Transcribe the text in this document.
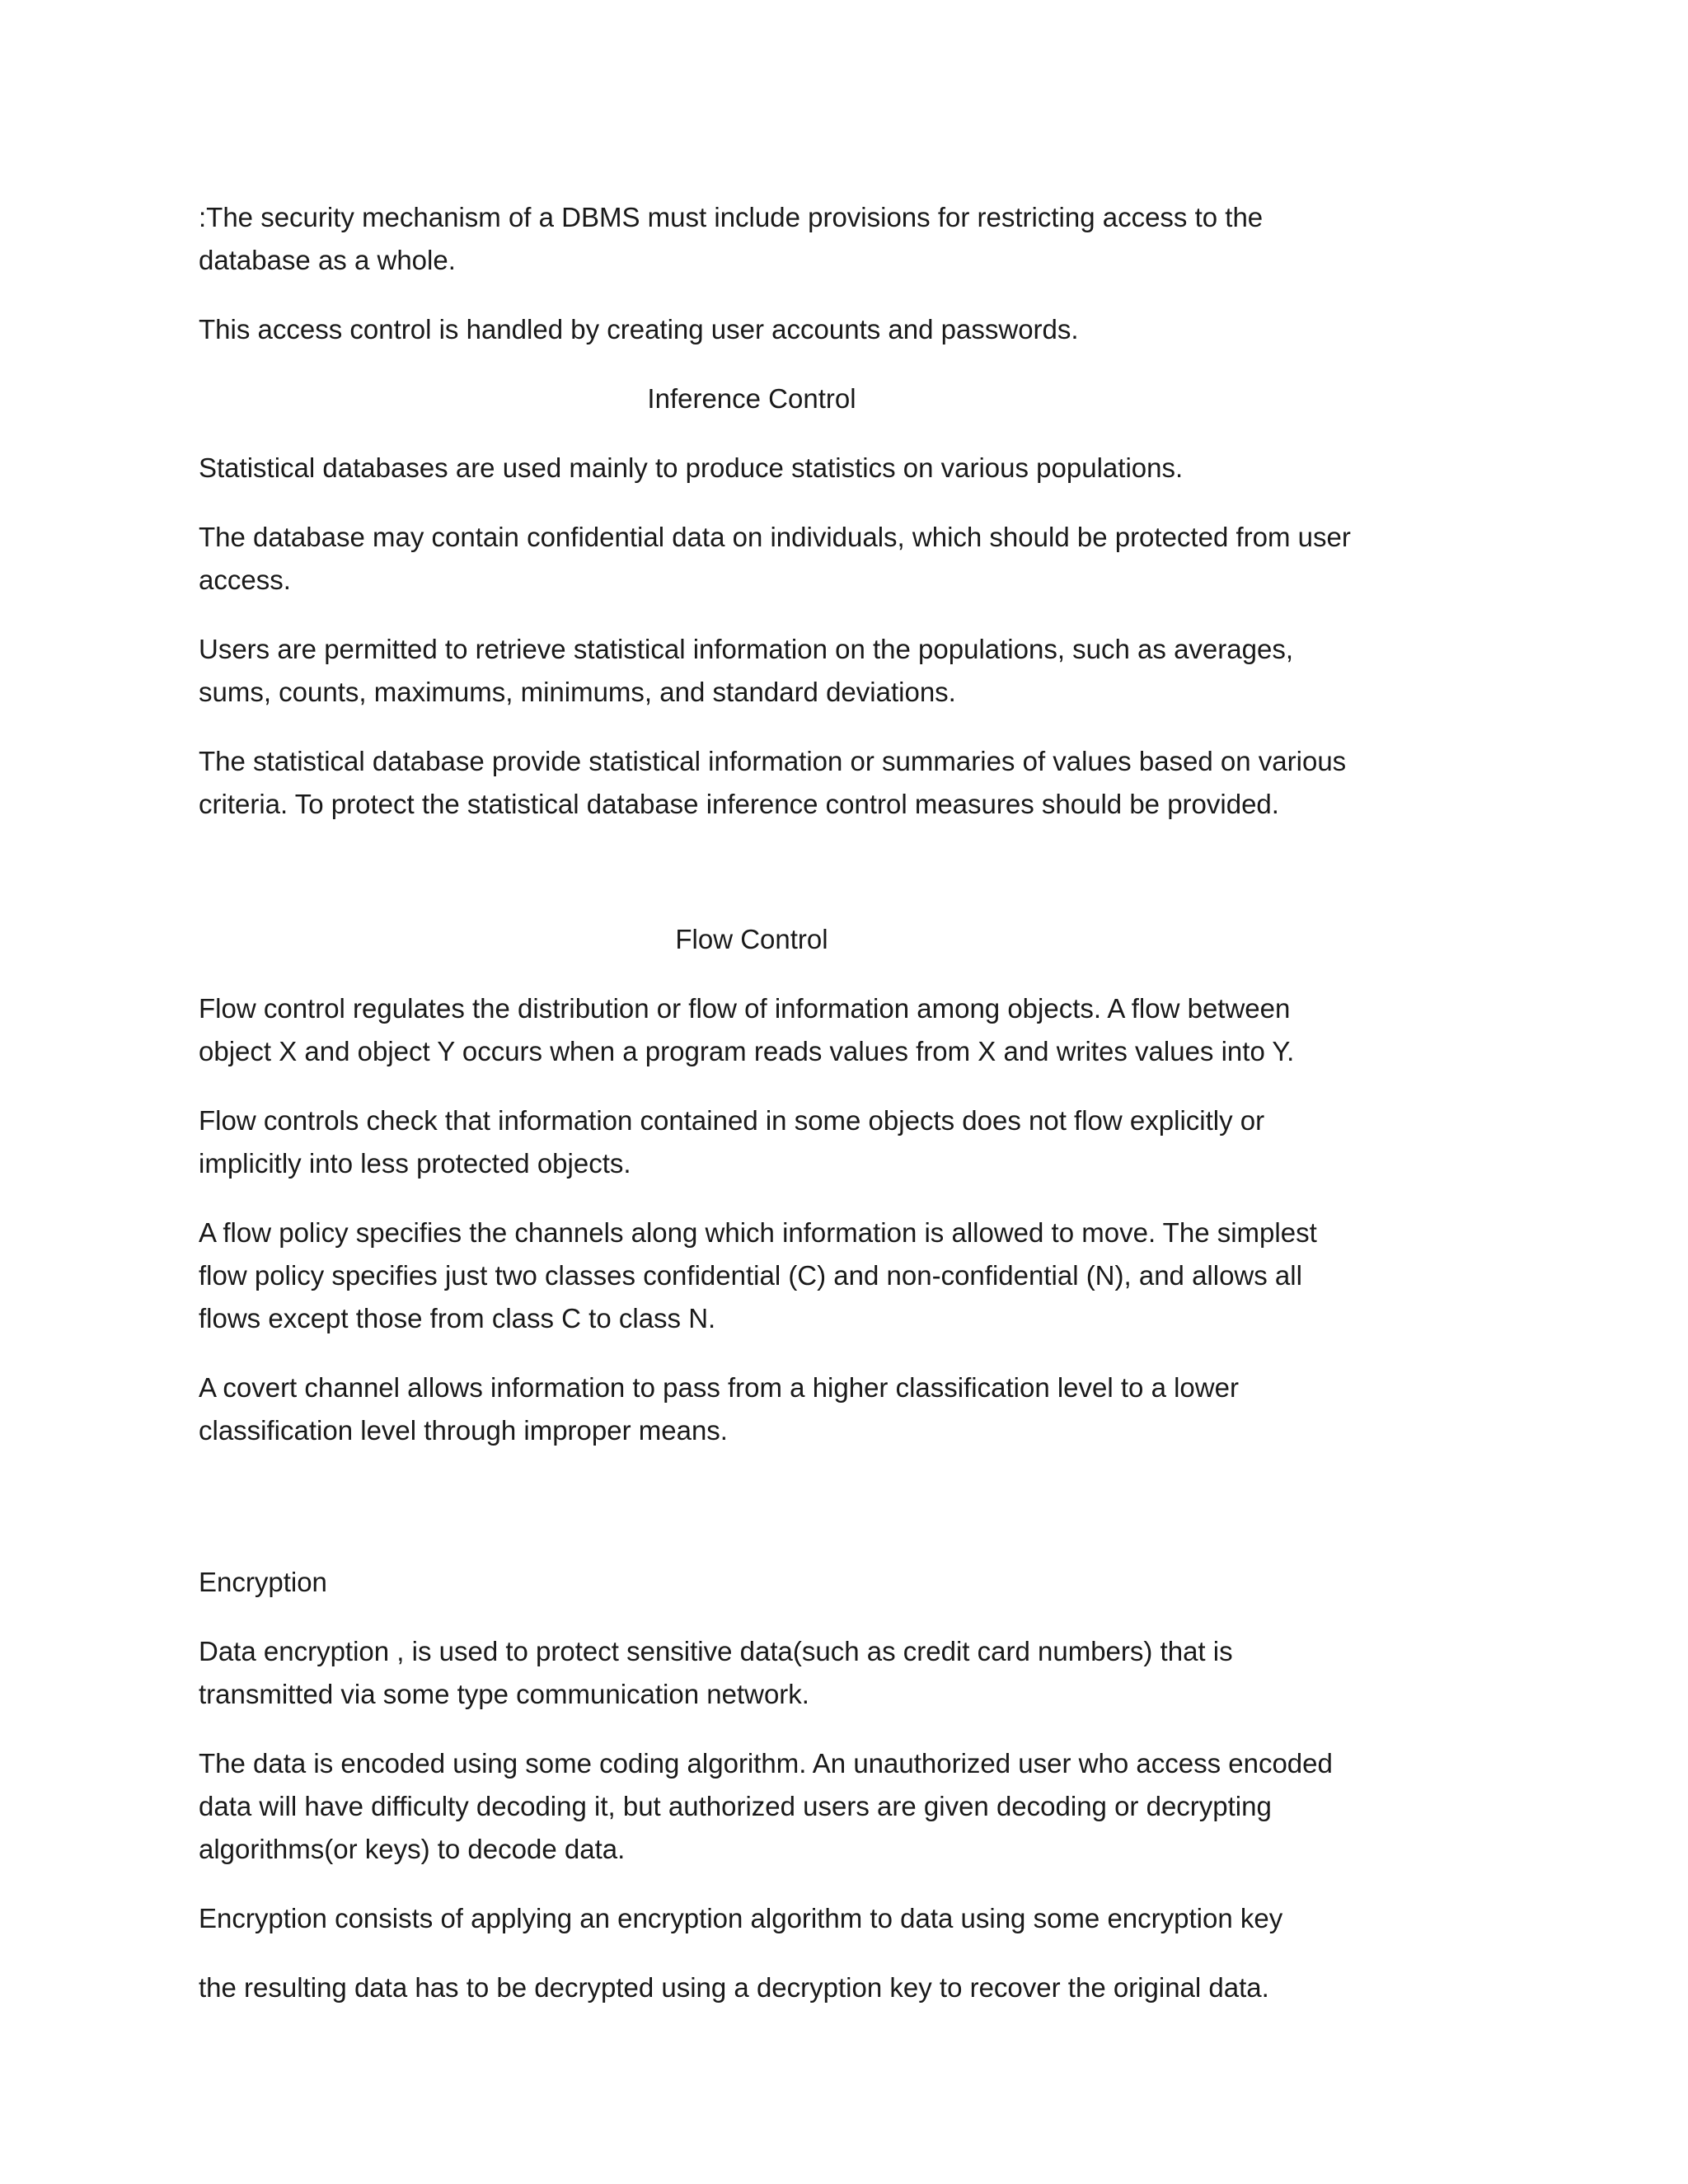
:The security mechanism of a DBMS must include provisions for restricting access to the database as a whole.

This access control is handled by creating user accounts and passwords.

Inference Control

Statistical databases are used mainly to produce statistics on various populations.

The database may contain confidential data on individuals, which should be protected from user access.

Users are permitted to retrieve statistical information on the populations, such as averages, sums, counts, maximums, minimums, and standard deviations.

The statistical database provide statistical information or summaries of values based on various criteria. To protect the statistical database inference control measures should be provided.

Flow Control

Flow control regulates the distribution or flow of information among objects. A flow between object X and object Y occurs when a program reads values from X and writes values into Y.

Flow controls check that information contained in some objects does not flow explicitly or implicitly into less protected objects.

A flow policy specifies the channels along which information is allowed to move. The simplest flow policy specifies just two classes confidential (C) and non-confidential (N), and allows all flows except those from class C to class N.

A covert channel allows information to pass from a higher classification level to a lower classification level through improper means.

Encryption

Data encryption , is used to protect sensitive data(such as credit card numbers) that is transmitted via some type communication network.

The data is encoded using some coding algorithm. An unauthorized user who access encoded data will have difficulty decoding it, but authorized users are given decoding or decrypting algorithms(or keys) to decode data.

Encryption consists of applying an encryption algorithm to data using some encryption key

the resulting data has to be decrypted using a decryption key to recover the original data.
